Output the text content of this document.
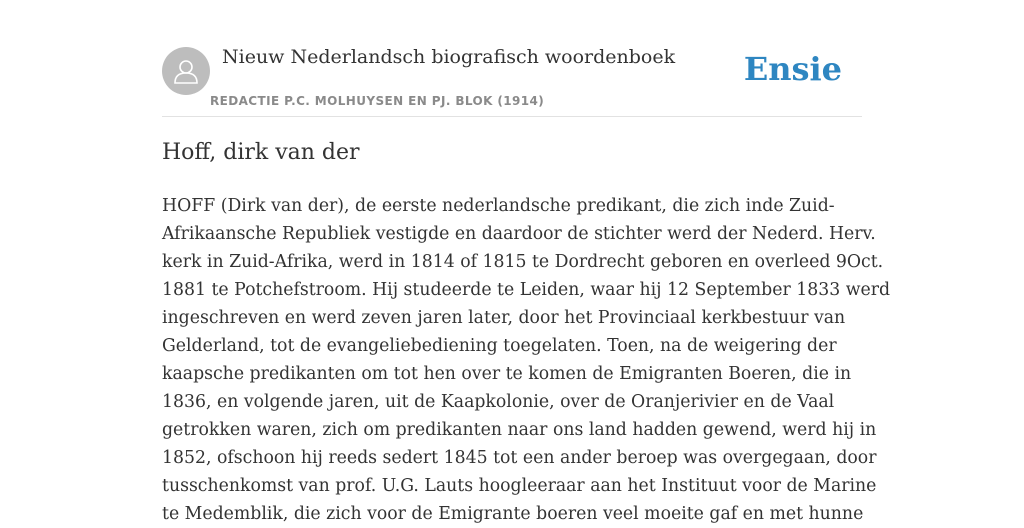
Nieuw Nederlandsch biografisch woordenboek
REDACTIE P.C. MOLHUYSEN EN PJ. BLOK (1914)
Ensie
Hoff, dirk van der
HOFF (Dirk van der), de eerste nederlandsche predikant, die zich inde Zuid-
Afrikaansche Republiek vestigde en daardoor de stichter werd der Nederd. Herv.
kerk in Zuid-Afrika, werd in 1814 of 1815 te Dordrecht geboren en overleed 9Oct.
1881 te Potchefstroom. Hij studeerde te Leiden, waar hij 12 September 1833 werd
ingeschreven en werd zeven jaren later, door het Provinciaal kerkbestuur van
Gelderland, tot de evangeliebediening toegelaten. Toen, na de weigering der
kaapsche predikanten om tot hen over te komen de Emigranten Boeren, die in
1836, en volgende jaren, uit de Kaapkolonie, over de Oranjerivier en de Vaal
getrokken waren, zich om predikanten naar ons land hadden gewend, werd hij in
1852, ofschoon hij reeds sedert 1845 tot een ander beroep was overgegaan, door
tusschenkomst van prof. U.G. Lauts hoogleeraar aan het Instituut voor de Marine
te Medemblik, die zich voor de Emigrante boeren veel moeite gaf en met hunne
